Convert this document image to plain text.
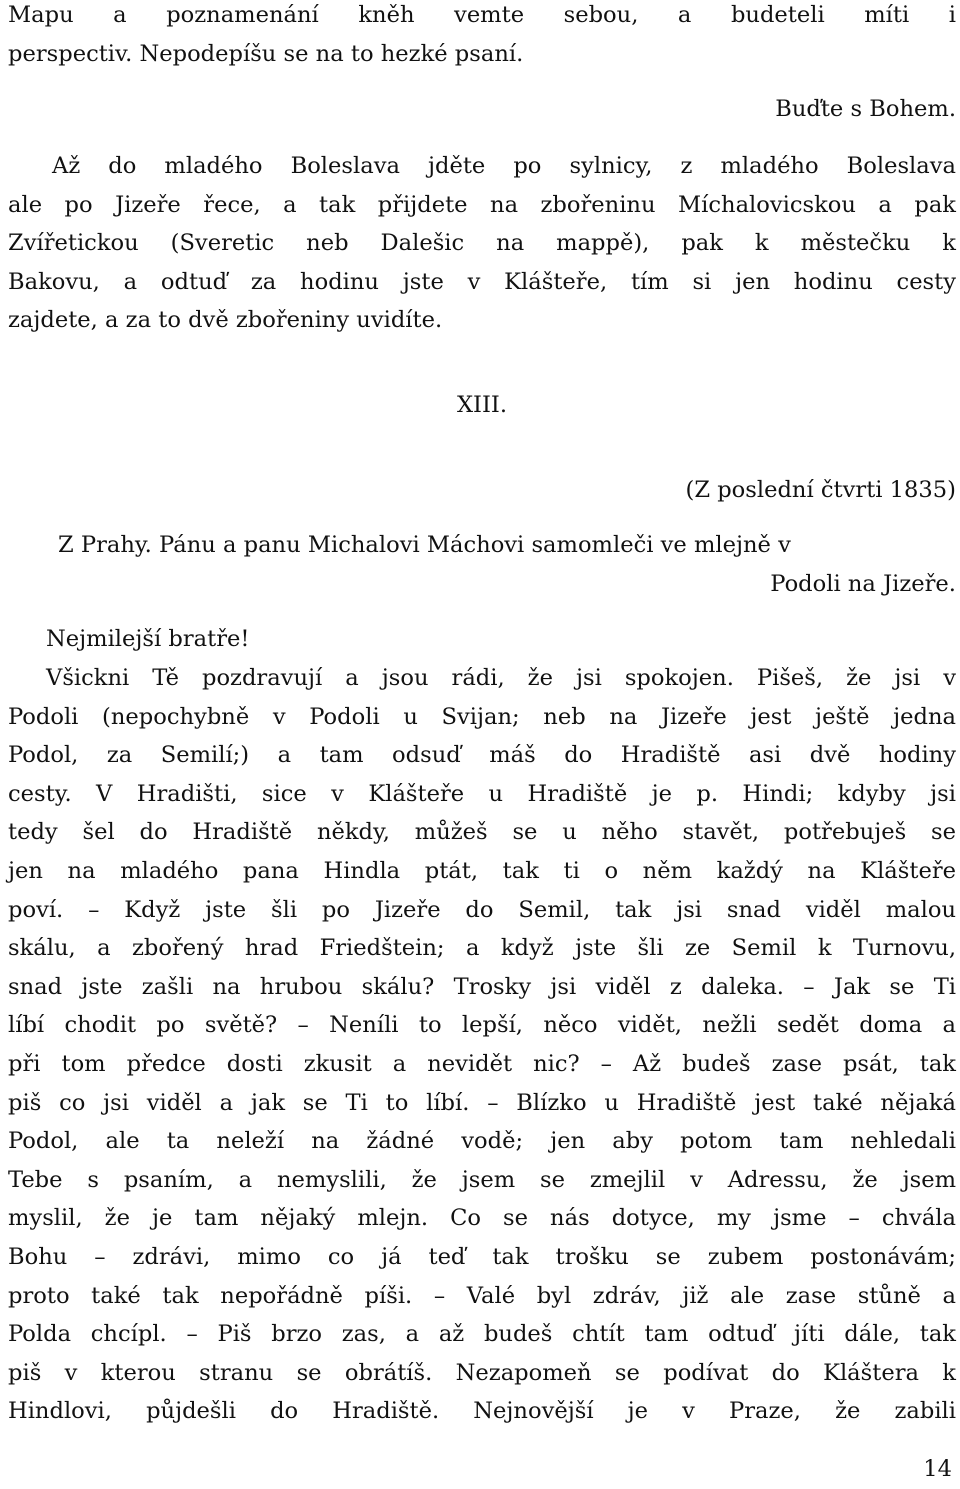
Mapu a poznamenání kněh vemte sebou, a budeteli míti i
perspectiv. Nepodepíšu se na to hezké psaní.

Buďte s Bohem.

Až do mladého Boleslava jděte po sylnicy, z mladého Boleslava
ale po Jizeře řece, a tak přijdete na zbořeninu Míchalovicskou a pak
Zvířetickou (Sveretic neb Dalešic na mappě), pak k městečku k
Bakovu, a odtuď za hodinu jste v Klášteře, tím si jen hodinu cesty
zajdete, a za to dvě zbořeniny uvidíte.

XIII.

(Z poslední čtvrti 1835)

Z Prahy. Pánu a panu Michalovi Máchovi samomleči ve mlejně v
Podoli na Jizeře.

Nejmilejší bratře!

Všickni Tě pozdravují a jsou rádi, že jsi spokojen. Pišeš, že jsi v
Podoli (nepochybně v Podoli u Svijan; neb na Jizeře jest ještě jedna
Podol, za Semilí;) a tam odsuď máš do Hradiště asi dvě hodiny
cesty. V Hradišti, sice v Klášteře u Hradiště je p. Hindi; kdyby jsi
tedy šel do Hradiště někdy, můžeš se u něho stavět, potřebuješ se
jen na mladého pana Hindla ptát, tak ti o něm každý na Klášteře
poví. – Když jste šli po Jizeře do Semil, tak jsi snad viděl malou
skálu, a zbořený hrad Friedštein; a když jste šli ze Semil k Turnovu,
snad jste zašli na hrubou skálu? Trosky jsi viděl z daleka. – Jak se Ti
líbí chodit po světě? – Neníli to lepší, něco vidět, nežli sedět doma a
při tom předce dosti zkusit a nevidět nic? – Až budeš zase psát, tak
piš co jsi viděl a jak se Ti to líbí. – Blízko u Hradiště jest také nějaká
Podol, ale ta neleží na žádné vodě; jen aby potom tam nehledali
Tebe s psaním, a nemyslili, že jsem se zmejlil v Adressu, že jsem
myslil, že je tam nějaký mlejn. Co se nás dotyce, my jsme – chvála
Bohu – zdrávi, mimo co já teď tak trošku se zubem postonávám;
proto také tak nepořádně píši. – Valé byl zdráv, již ale zase stůně a
Polda chcípl. – Piš brzo zas, a až budeš chtít tam odtuď jíti dále, tak
piš v kterou stranu se obrátíš. Nezapomeň se podívat do Kláštera k
Hindlovi, půjdešli do Hradiště. Nejnovější je v Praze, že zabili

14
